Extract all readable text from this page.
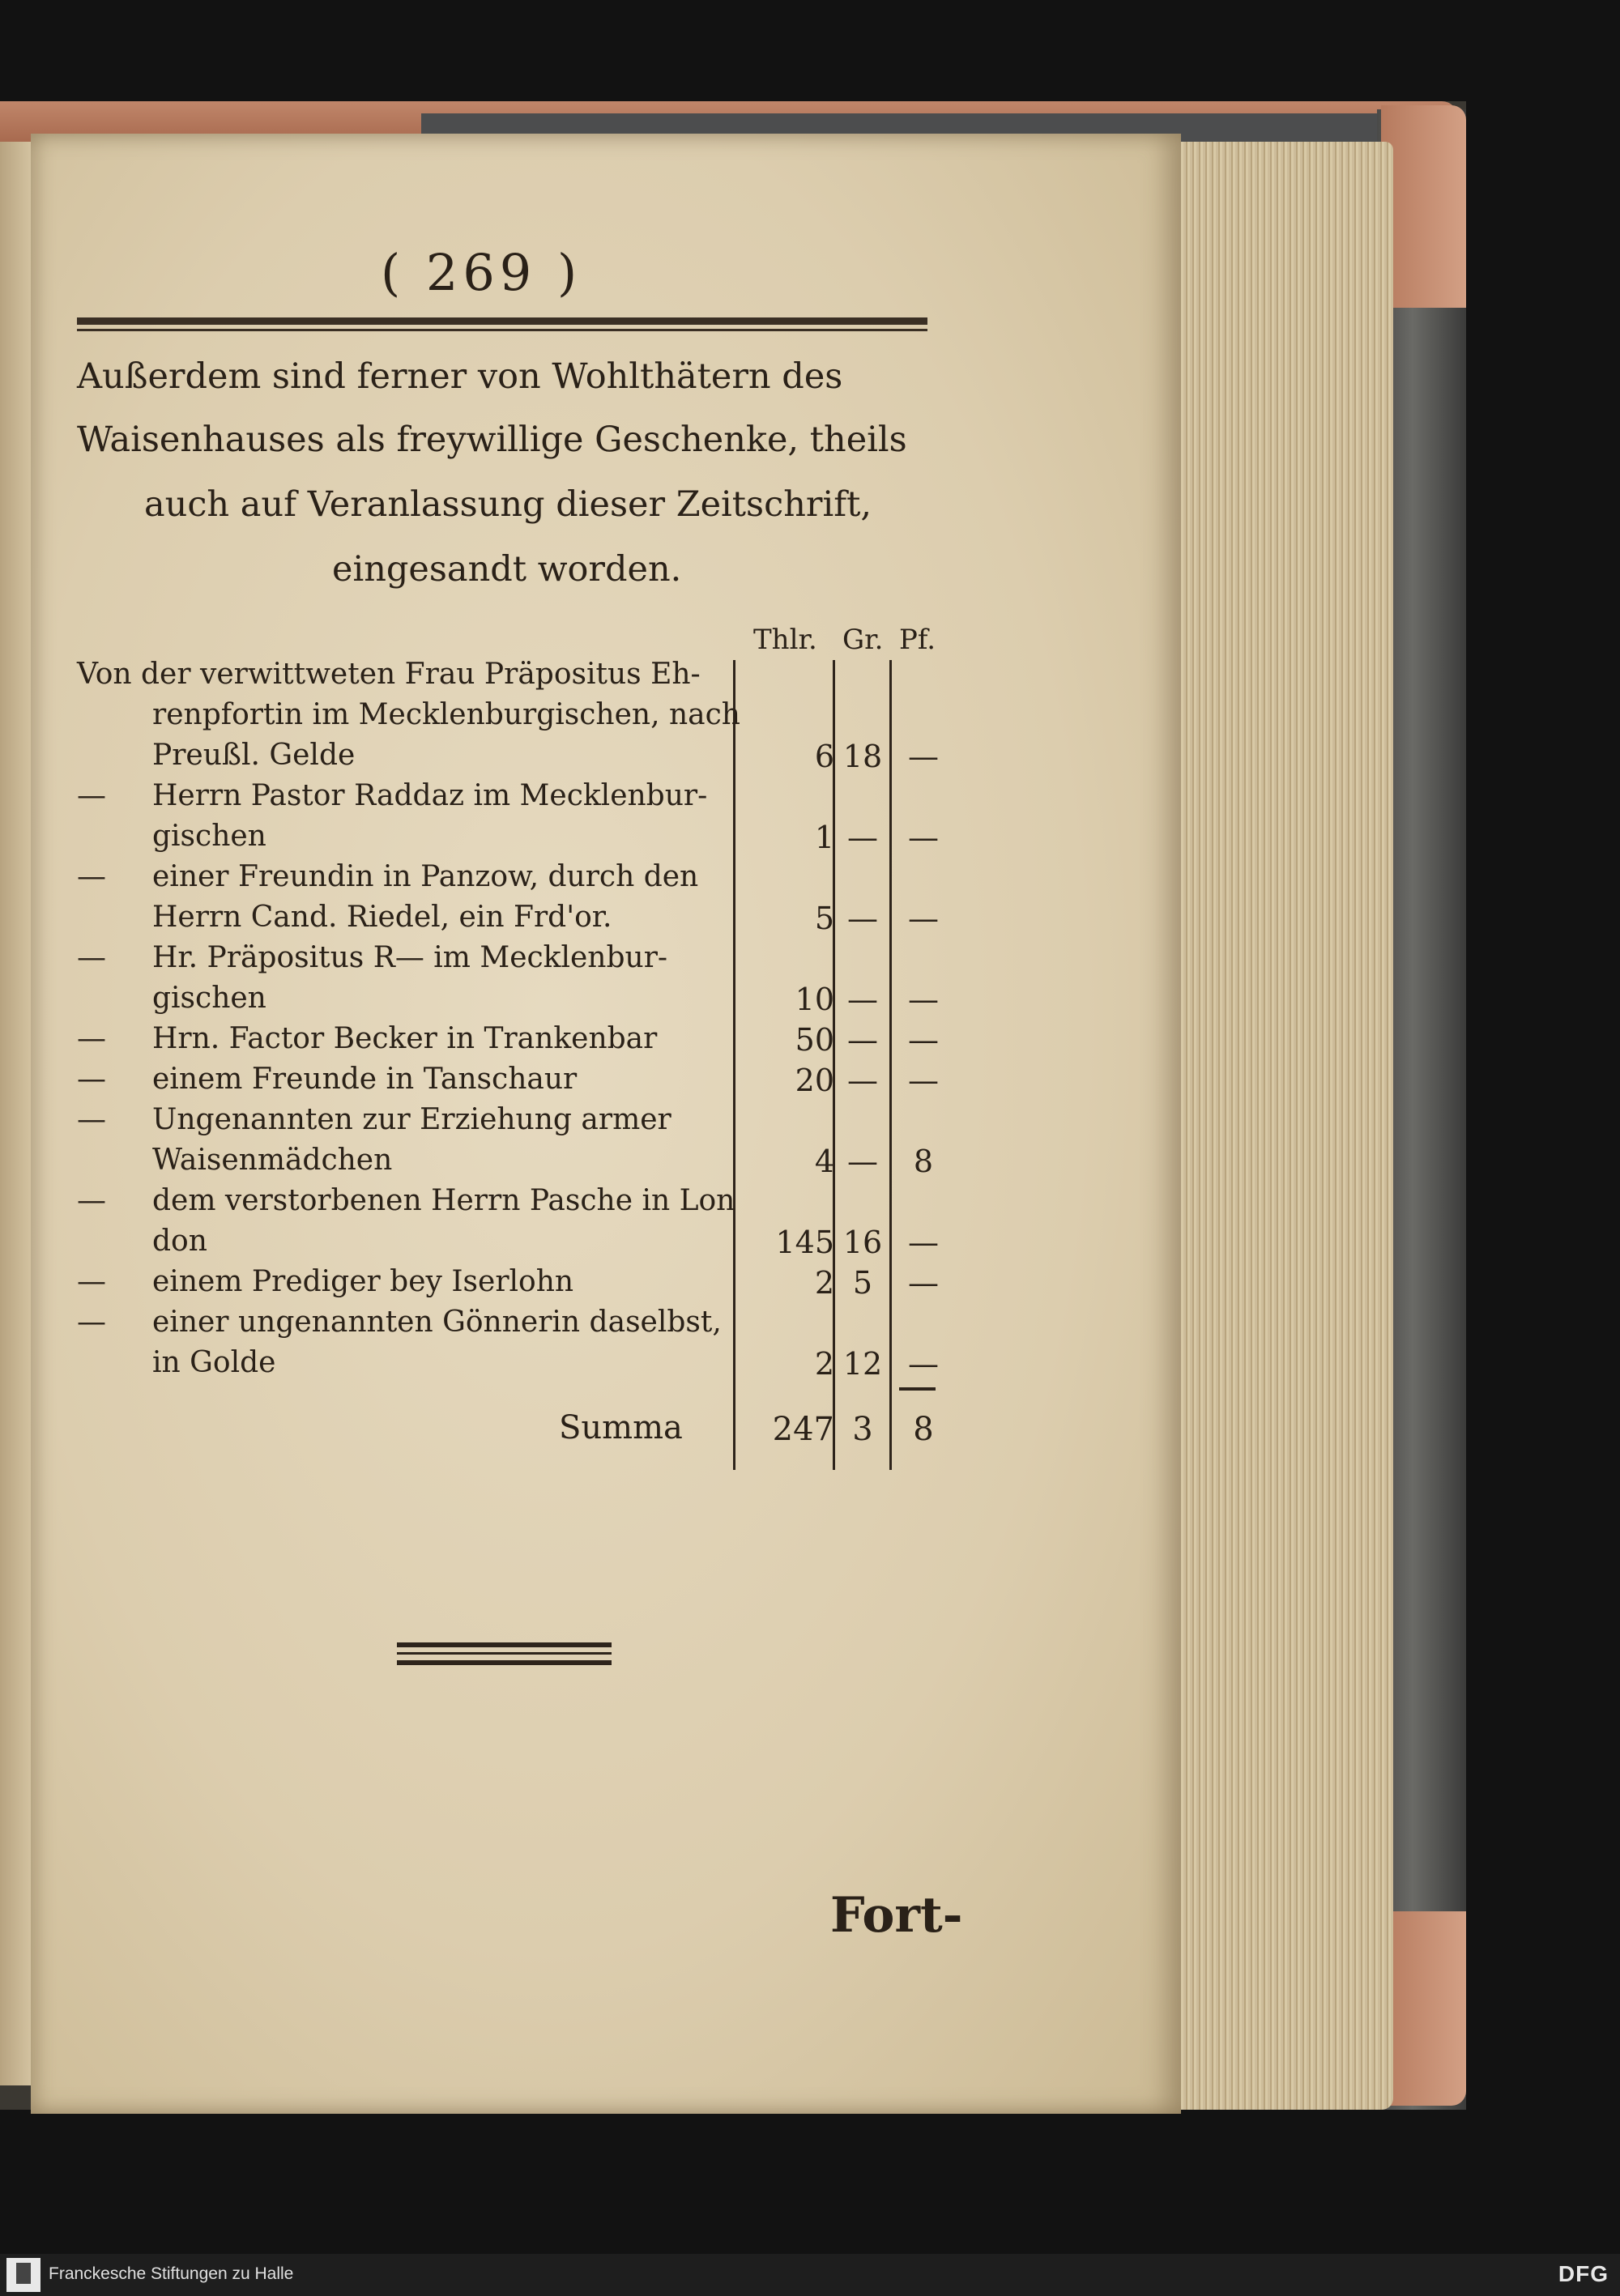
( 269 )
Außerdem sind ferner von Wohlthätern des
Waisenhauses als freywillige Geschenke, theils
auch auf Veranlassung dieser Zeitschrift,
eingesandt worden.
Thlr. Gr. Pf.
Von der verwittweten Frau Präpositus Eh-
renpfortin im Mecklenburgischen, nach
Preußl. Gelde	6 18 —
— Herrn Pastor Raddaz im Mecklenbur-
gischen	1 — —
— einer Freundin in Panzow, durch den
Herrn Cand. Riedel, ein Frd'or.	5 — —
— Hr. Präpositus R— im Mecklenbur-
gischen	10 — —
— Hrn. Factor Becker in Trankenbar	50 — —
— einem Freunde in Tanschaur	20 — —
— Ungenannten zur Erziehung armer
Waisenmädchen	4 —	8
— dem verstorbenen Herrn Pasche in Lon
don	145 16 —
— einem Prediger bey Iserlohn	2 5	—
— einer ungenannten Gönnerin daselbst,
in Golde	2 12 —
Summa	247 3	8
Fort-
Franckesche Stiftungen zu Halle	DFG
